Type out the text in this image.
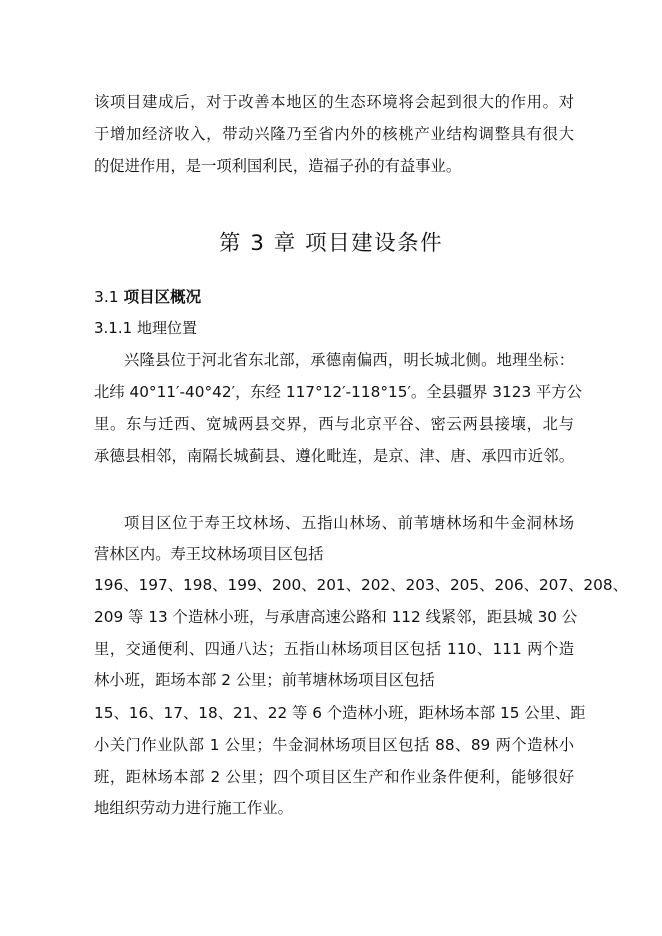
该项目建成后，对于改善本地区的生态环境将会起到很大的作用。对
于增加经济收入，带动兴隆乃至省内外的核桃产业结构调整具有很大
的促进作用，是一项利国利民，造福子孙的有益事业。
第 3 章 项目建设条件
3.1 项目区概况
3.1.1 地理位置
兴隆县位于河北省东北部，承德南偏西，明长城北侧。地理坐标：
北纬 40°11′-40°42′，东经 117°12′-118°15′。全县疆界 3123 平方公
里。东与迁西、宽城两县交界，西与北京平谷、密云两县接壤，北与
承德县相邻，南隔长城蓟县、遵化毗连，是京、津、唐、承四市近邻。
项目区位于寿王坟林场、五指山林场、前苇塘林场和牛金洞林场
营林区内。寿王坟林场项目区包括
196、197、198、199、200、201、202、203、205、206、207、208、
209 等 13 个造林小班，与承唐高速公路和 112 线紧邻，距县城 30 公
里，交通便利、四通八达；五指山林场项目区包括 110、111 两个造
林小班，距场本部 2 公里；前苇塘林场项目区包括
15、16、17、18、21、22 等 6 个造林小班，距林场本部 15 公里、距
小关门作业队部 1 公里；牛金洞林场项目区包括 88、89 两个造林小
班，距林场本部 2 公里；四个项目区生产和作业条件便利，能够很好
地组织劳动力进行施工作业。
